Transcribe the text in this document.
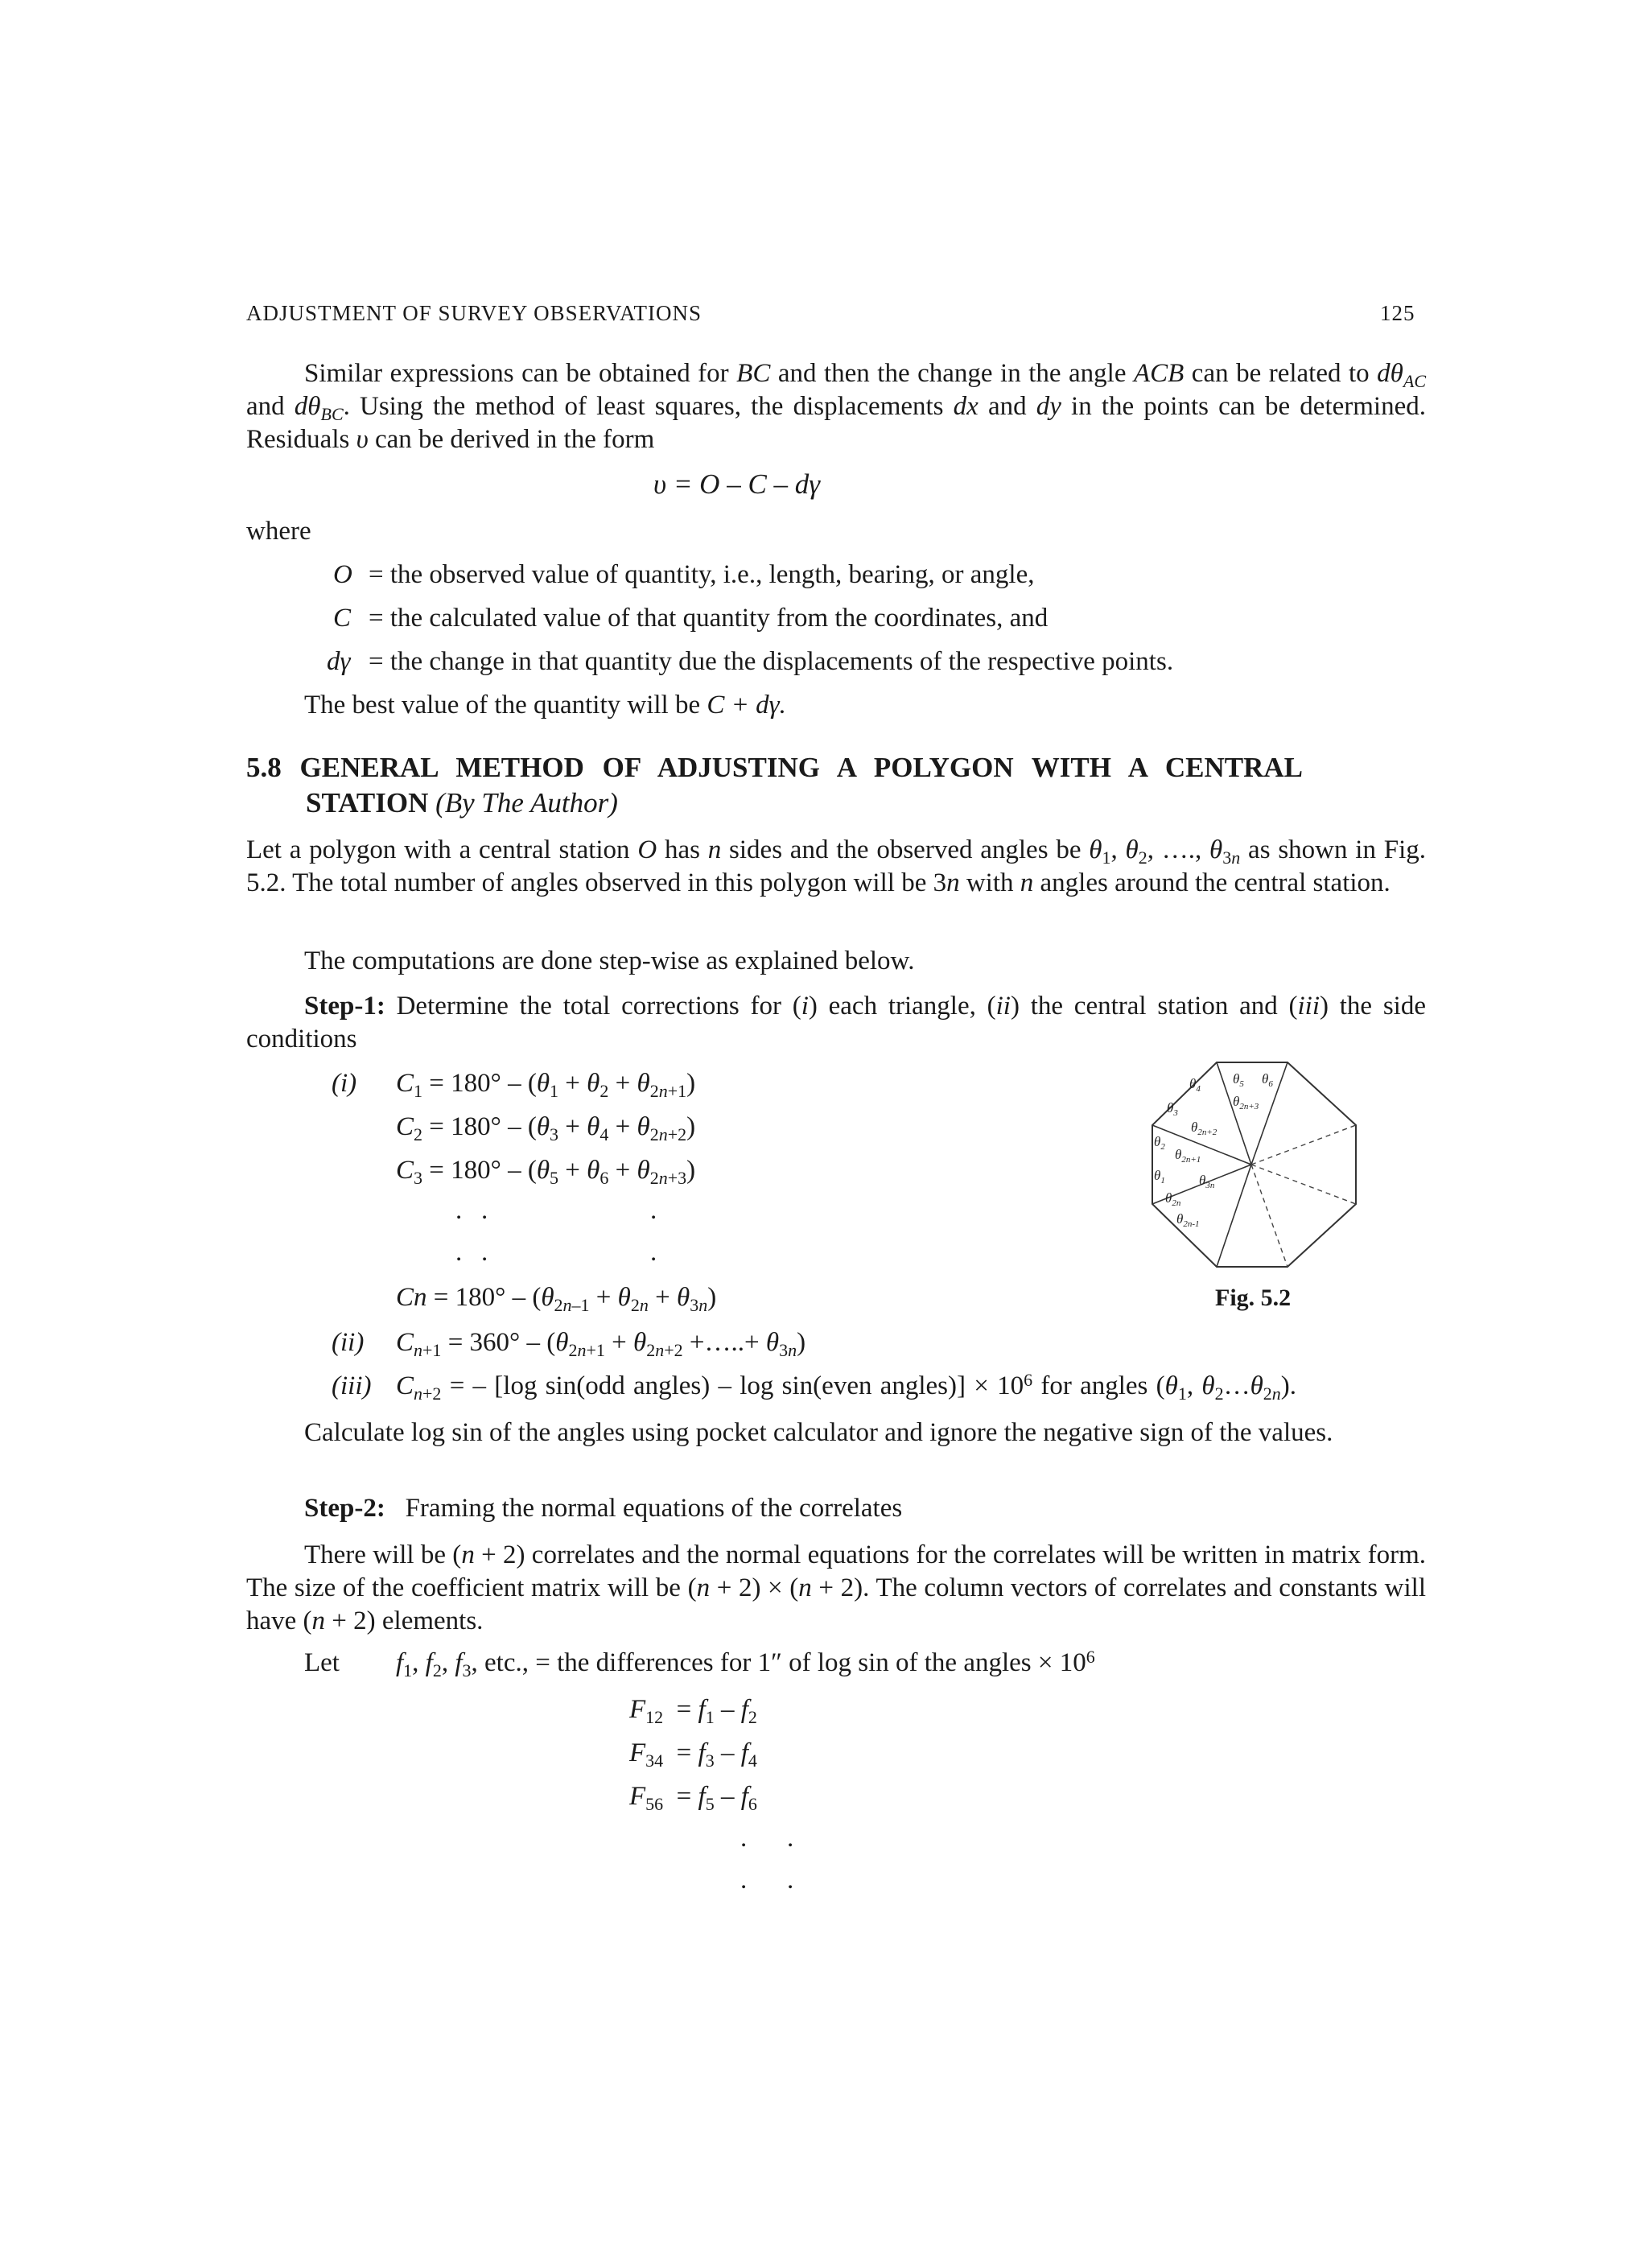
ADJUSTMENT OF SURVEY OBSERVATIONS	125
Similar expressions can be obtained for BC and then the change in the angle ACB can be related to $d\theta_{AC}$ and $d\theta_{BC}$. Using the method of least squares, the displacements dx and dy in the points can be determined. Residuals υ can be derived in the form
υ = O – C – dγ
where
O = the observed value of quantity, i.e., length, bearing, or angle,
C = the calculated value of that quantity from the coordinates, and
dγ = the change in that quantity due the displacements of the respective points.
The best value of the quantity will be C + dγ.
5.8 GENERAL METHOD OF ADJUSTING A POLYGON WITH A CENTRAL
STATION (By The Author)
Let a polygon with a central station O has n sides and the observed angles be $\theta_1$, $\theta_2$, …., $\theta_{3n}$ as shown in Fig. 5.2. The total number of angles observed in this polygon will be 3n with n angles around the central station.
The computations are done step-wise as explained below.
Step-1: Determine the total corrections for (i) each triangle, (ii) the central station and (iii) the side conditions
(i) $C_1 = 180^\circ - (\theta_1 + \theta_2 + \theta_{2n+1})$
$C_2 = 180^\circ - (\theta_3 + \theta_4 + \theta_{2n+2})$
$C_3 = 180^\circ - (\theta_5 + \theta_6 + \theta_{2n+3})$
. .	.
. .	.
$Cn = 180^\circ - (\theta_{2n-1} + \theta_{2n} + \theta_{3n})$
(ii) $C_{n+1} = 360^\circ - (\theta_{2n+1} + \theta_{2n+2}$ +…..+ $\theta_{3n}$)
(iii) $C_{n+2}$ = – [log sin(odd angles) – log sin(even angles)] × $10^6$ for angles ($\theta_1$, $\theta_2\dots\theta_{2n}$).
Calculate log sin of the angles using pocket calculator and ignore the negative sign of the values.
Step-2: Framing the normal equations of the correlates
There will be (n + 2) correlates and the normal equations for the correlates will be written in matrix form. The size of the coefficient matrix will be (n + 2) × (n + 2). The column vectors of correlates and constants will have (n + 2) elements.
Let $f_1$, $f_2$, $f_3$, etc., = the differences for 1″ of log sin of the angles × $10^6$
$F_{12} = f_1 - f_2$
$F_{34} = f_3 - f_4$
$F_{56} = f_5 - f_6$
. .
. .
$\theta_4$
$\theta_5$ $\theta_6$
$\theta_{2n+3}$
$\theta_3$
$\theta_{2n+2}$
$\theta_2$ $\theta_{2n+1}$
$\theta_1$ $\theta_{3n}$
$\theta_{2n}$
$\theta_{2n-1}$
Fig. 5.2
